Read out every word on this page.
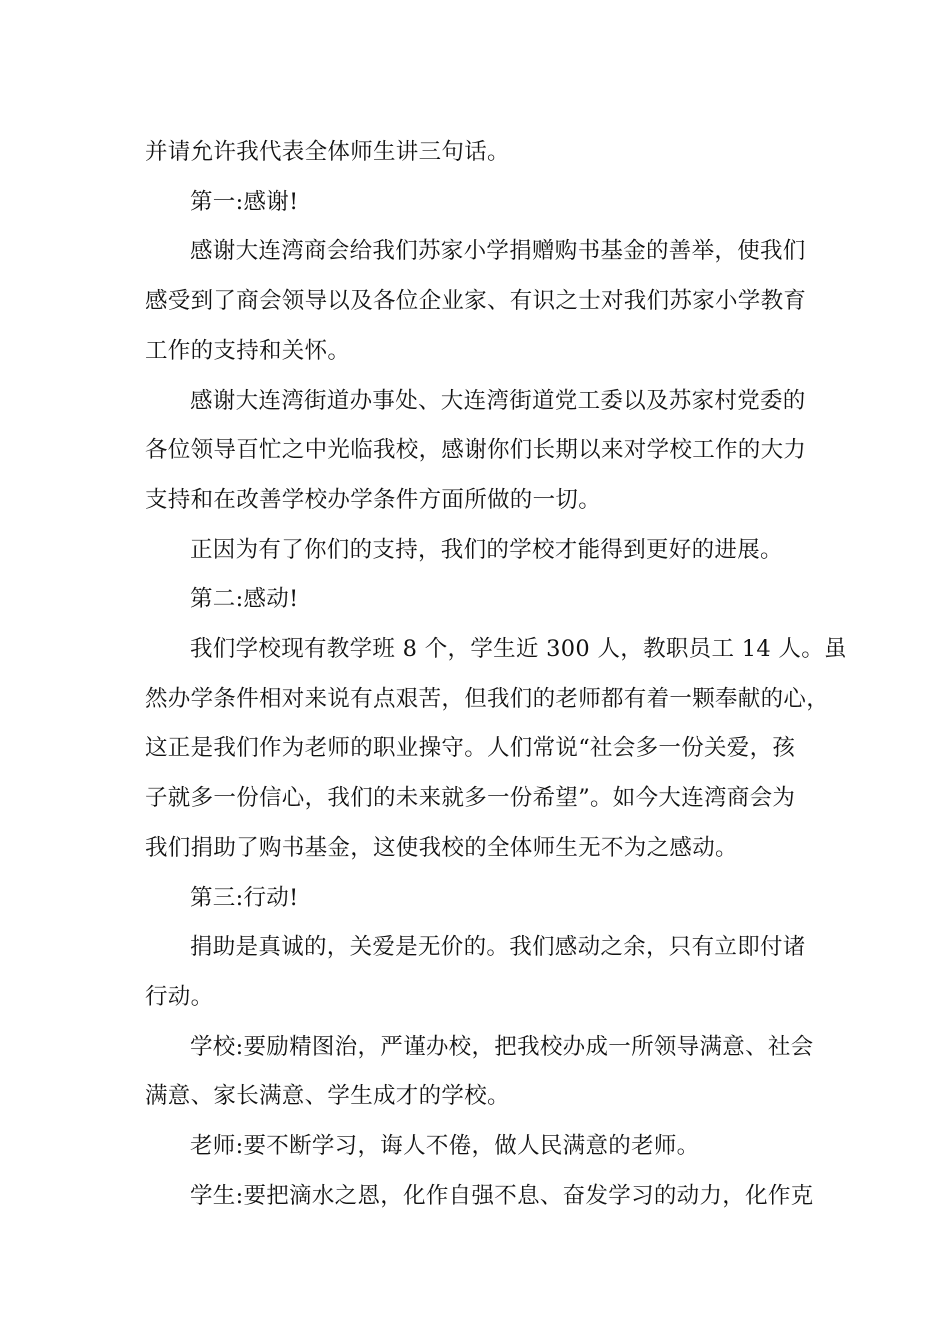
并请允许我代表全体师生讲三句话。
第一:感谢!
感谢大连湾商会给我们苏家小学捐赠购书基金的善举，使我们
感受到了商会领导以及各位企业家、有识之士对我们苏家小学教育
工作的支持和关怀。
感谢大连湾街道办事处、大连湾街道党工委以及苏家村党委的
各位领导百忙之中光临我校，感谢你们长期以来对学校工作的大力
支持和在改善学校办学条件方面所做的一切。
正因为有了你们的支持，我们的学校才能得到更好的进展。
第二:感动!
我们学校现有教学班 8 个，学生近 300 人，教职员工 14 人。虽
然办学条件相对来说有点艰苦，但我们的老师都有着一颗奉献的心，
这正是我们作为老师的职业操守。人们常说“社会多一份关爱，孩
子就多一份信心，我们的未来就多一份希望”。如今大连湾商会为
我们捐助了购书基金，这使我校的全体师生无不为之感动。
第三:行动!
捐助是真诚的，关爱是无价的。我们感动之余，只有立即付诸
行动。
学校:要励精图治，严谨办校，把我校办成一所领导满意、社会
满意、家长满意、学生成才的学校。
老师:要不断学习，诲人不倦，做人民满意的老师。
学生:要把滴水之恩，化作自强不息、奋发学习的动力，化作克
